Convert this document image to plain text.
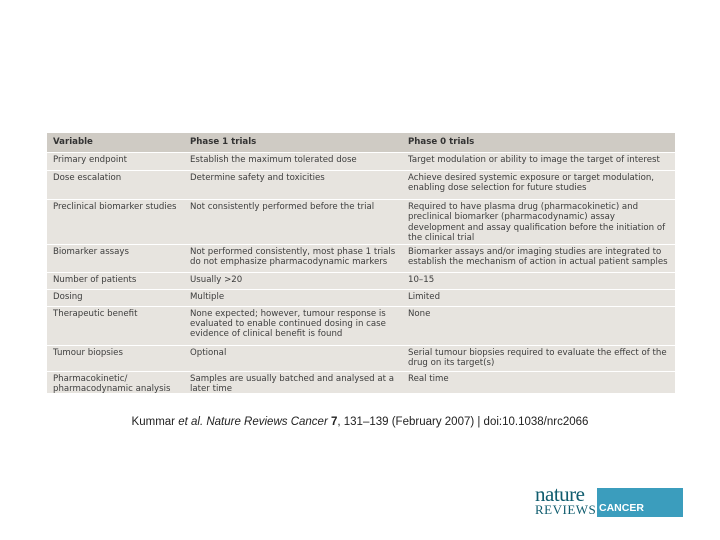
Variable	Phase 1 trials	Phase 0 trials
Primary endpoint	Establish the maximum tolerated dose	Target modulation or ability to image the target of interest
Dose escalation	Determine safety and toxicities	Achieve desired systemic exposure or target modulation, enabling dose selection for future studies
Preclinical biomarker studies	Not consistently performed before the trial	Required to have plasma drug (pharmacokinetic) and preclinical biomarker (pharmacodynamic) assay development and assay qualification before the initiation of the clinical trial
Biomarker assays	Not performed consistently, most phase 1 trials do not emphasize pharmacodynamic markers	Biomarker assays and/or imaging studies are integrated to establish the mechanism of action in actual patient samples
Number of patients	Usually >20	10–15
Dosing	Multiple	Limited
Therapeutic benefit	None expected; however, tumour response is evaluated to enable continued dosing in case evidence of clinical benefit is found	None
Tumour biopsies	Optional	Serial tumour biopsies required to evaluate the effect of the drug on its target(s)
Pharmacokinetic/ pharmacodynamic analysis	Samples are usually batched and analysed at a later time	Real time
Kummar et al. Nature Reviews Cancer 7, 131–139 (February 2007) | doi:10.1038/nrc2066
nature
REVIEWS CANCER
